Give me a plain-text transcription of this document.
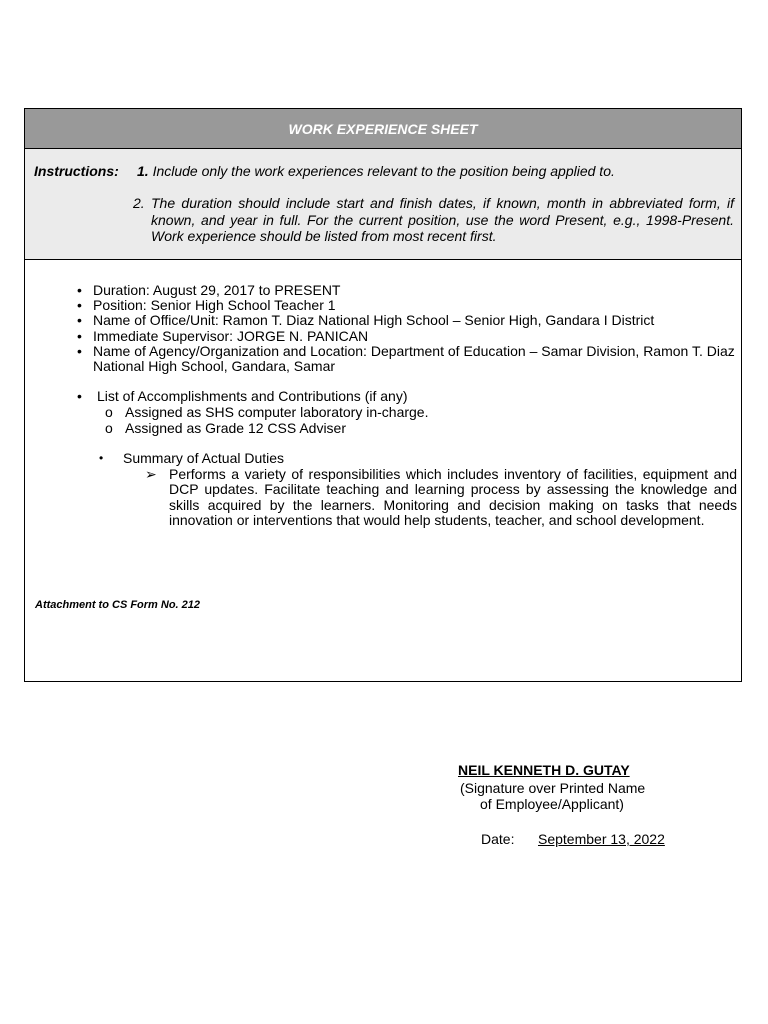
WORK EXPERIENCE SHEET
Instructions: 1. Include only the work experiences relevant to the position being applied to.
2. The duration should include start and finish dates, if known, month in abbreviated form, if known, and year in full. For the current position, use the word Present, e.g., 1998-Present. Work experience should be listed from most recent first.
• Duration: August 29, 2017 to PRESENT
• Position: Senior High School Teacher 1
• Name of Office/Unit: Ramon T. Diaz National High School – Senior High, Gandara I District
• Immediate Supervisor: JORGE N. PANICAN
• Name of Agency/Organization and Location: Department of Education – Samar Division, Ramon T. Diaz National High School, Gandara, Samar
• List of Accomplishments and Contributions (if any)
o Assigned as SHS computer laboratory in-charge.
o Assigned as Grade 12 CSS Adviser
• Summary of Actual Duties
➢ Performs a variety of responsibilities which includes inventory of facilities, equipment and DCP updates. Facilitate teaching and learning process by assessing the knowledge and skills acquired by the learners. Monitoring and decision making on tasks that needs innovation or interventions that would help students, teacher, and school development.
Attachment to CS Form No. 212
NEIL KENNETH D. GUTAY
(Signature over Printed Name
of Employee/Applicant)
Date: September 13, 2022
